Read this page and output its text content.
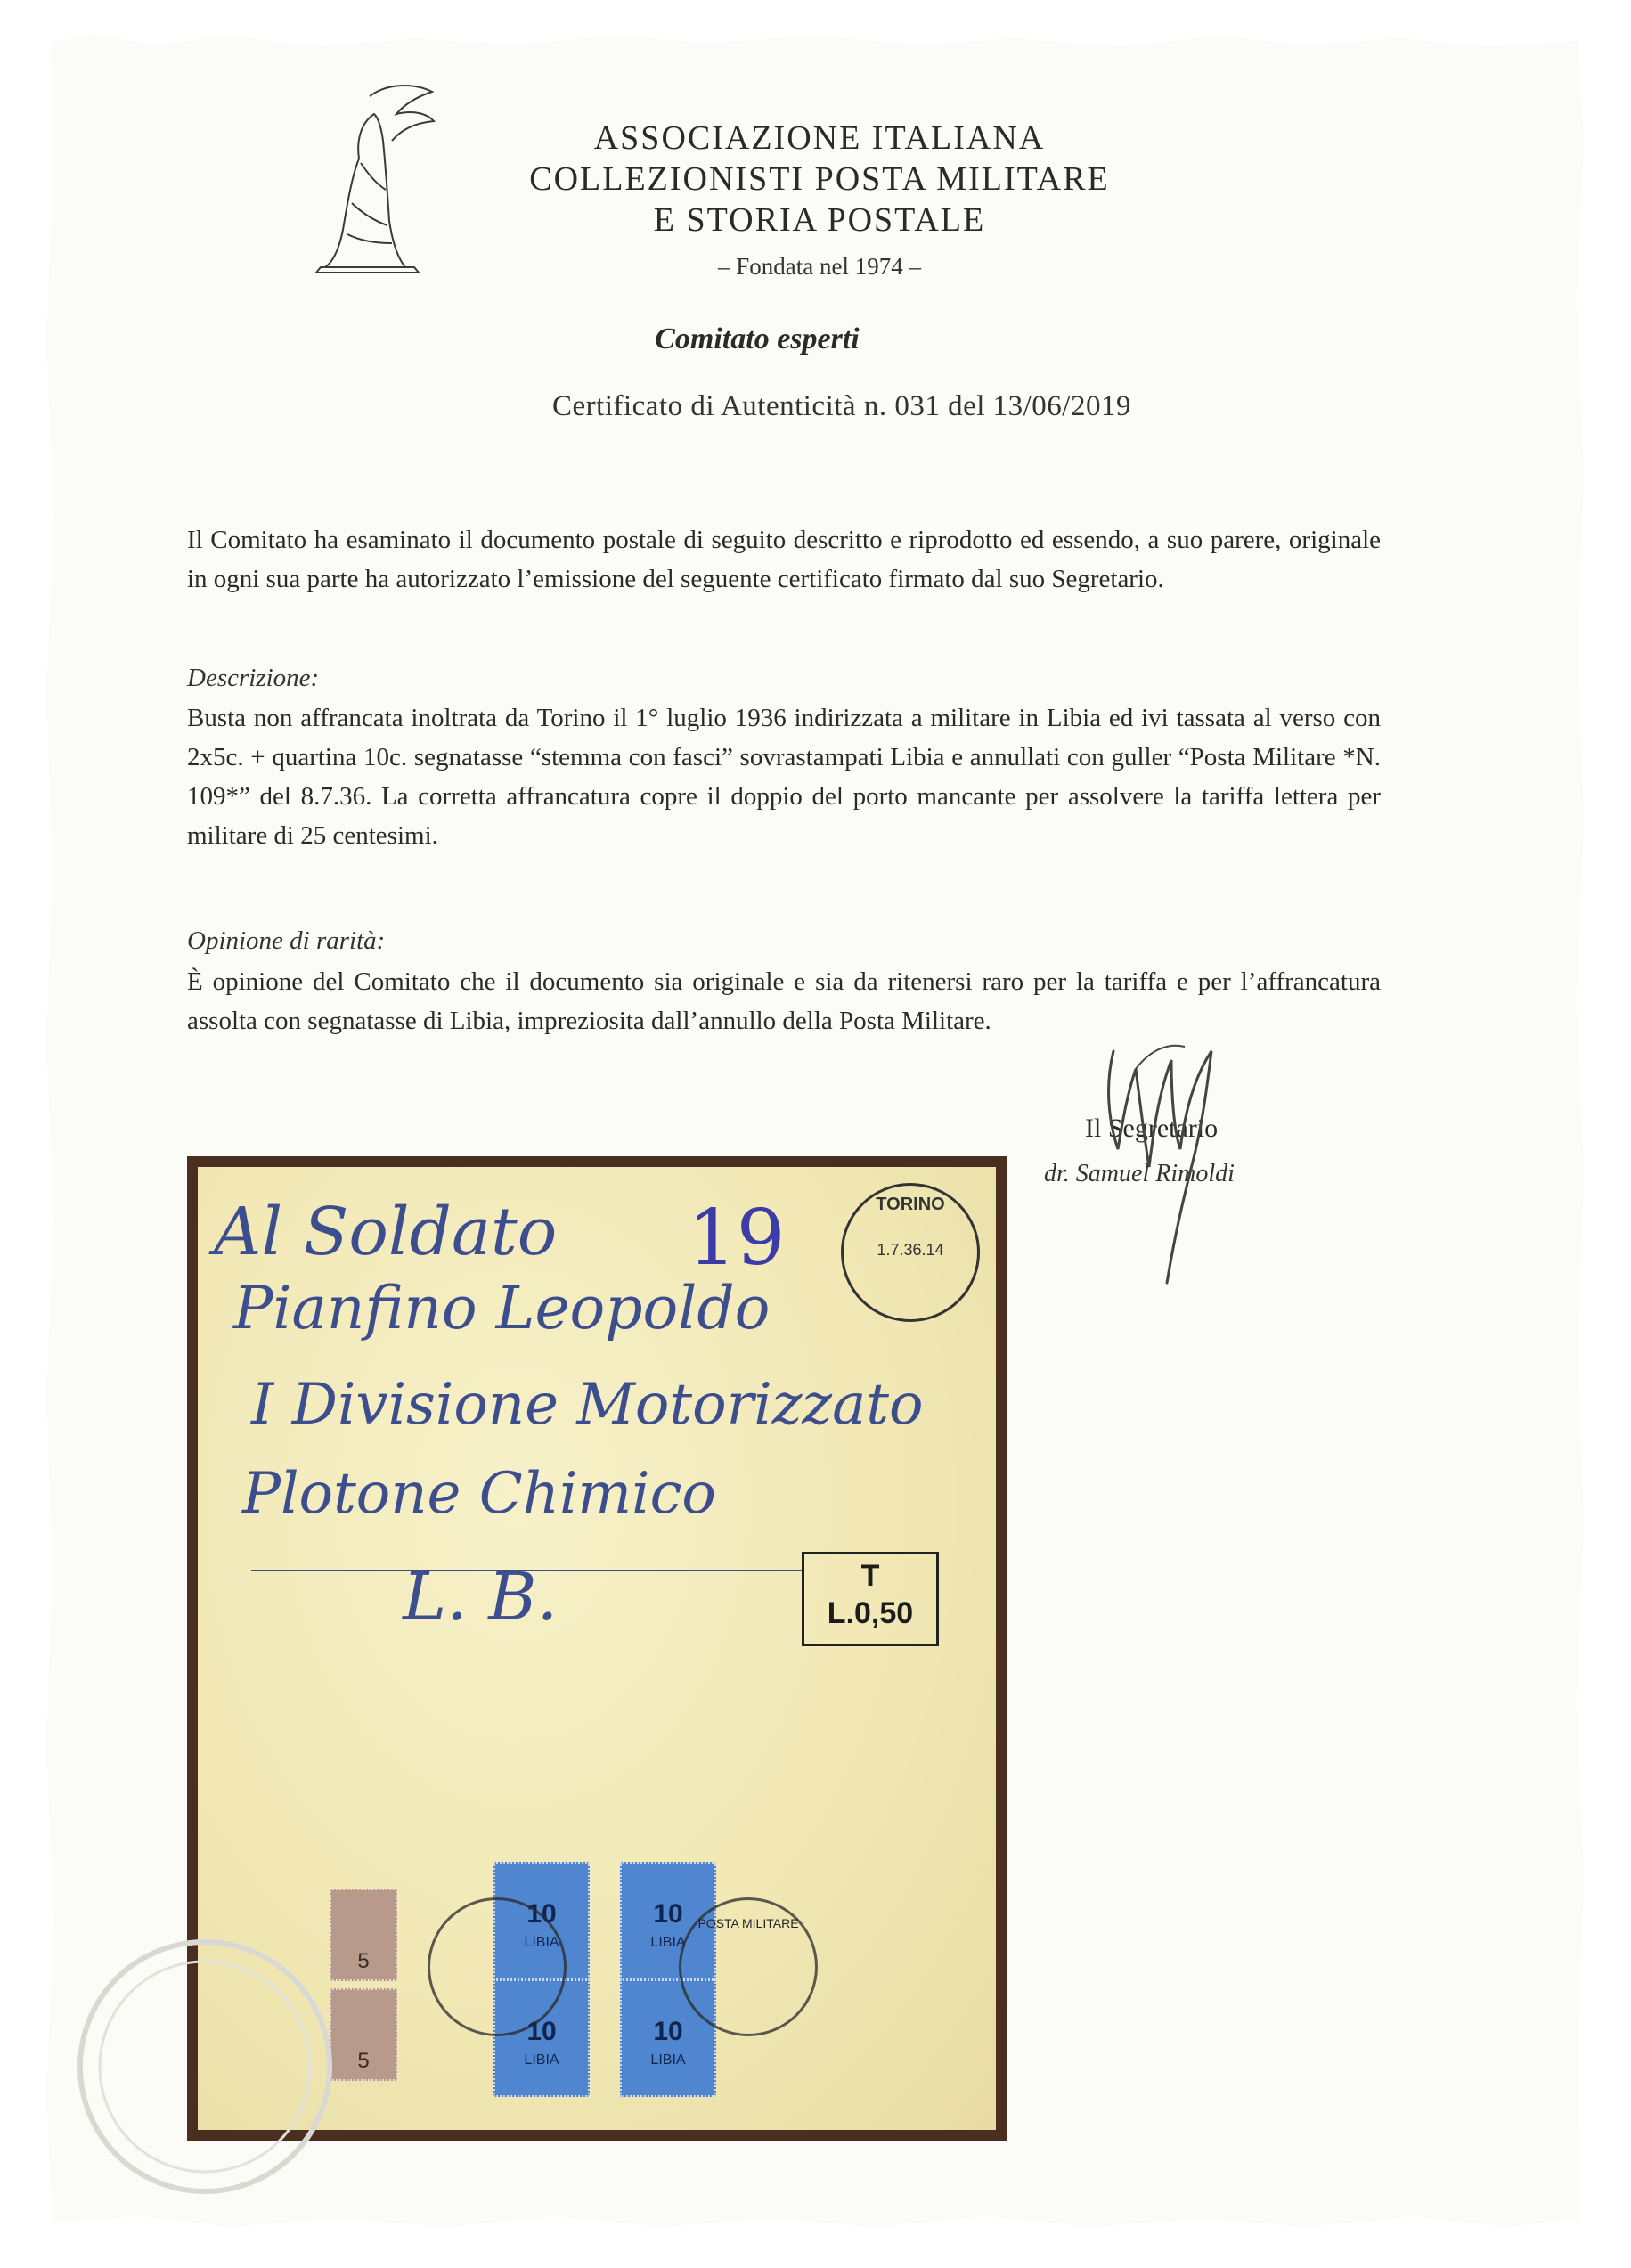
ASSOCIAZIONE ITALIANA
COLLEZIONISTI POSTA MILITARE
E STORIA POSTALE
– Fondata nel 1974 –
Comitato esperti
Certificato di Autenticità n. 031 del 13/06/2019
Il Comitato ha esaminato il documento postale di seguito descritto e riprodotto ed essendo, a suo parere, originale in ogni sua parte ha autorizzato l’emissione del seguente certificato firmato dal suo Segretario.
Descrizione:
Busta non affrancata inoltrata da Torino il 1° luglio 1936 indirizzata a militare in Libia ed ivi tassata al verso con 2x5c. + quartina 10c. segnatasse “stemma con fasci” sovrastampati Libia e annullati con guller “Posta Militare *N. 109*” del 8.7.36. La corretta affrancatura copre il doppio del porto mancante per assolvere la tariffa lettera per militare di 25 centesimi.
Opinione di rarità:
È opinione del Comitato che il documento sia originale e sia da ritenersi raro per la tariffa e per l’affrancatura assolta con segnatasse di Libia, impreziosita dall’annullo della Posta Militare.
Il Segretario
dr. Samuel Rimoldi
Al Soldato
Pianfino Leopoldo
I Divisione Motorizzato
Plotone Chimico
L. B.
19	TORINO
1.7.36.14
T
L.0,50
5
5
10
LIBIA
10
LIBIA
10
LIBIA
10
LIBIA
POSTA MILITARE
